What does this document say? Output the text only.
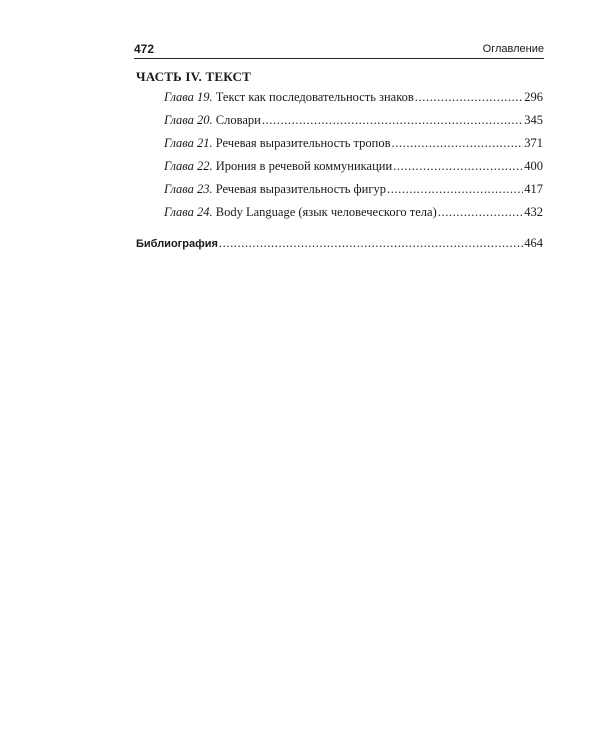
472	Оглавление
ЧАСТЬ IV. ТЕКСТ
Глава 19. Текст как последовательность знаков .....	296
Глава 20. Словари .....	345
Глава 21. Речевая выразительность тропов .....	371
Глава 22. Ирония в речевой коммуникации .....	400
Глава 23. Речевая выразительность фигур .....	417
Глава 24. Body Language (язык человеческого тела) .....	432
Библиография .....	464
